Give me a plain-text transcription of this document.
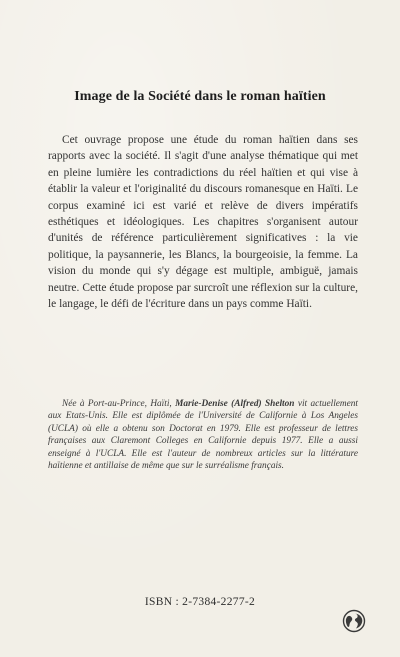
Image de la Société dans le roman haïtien

Cet ouvrage propose une étude du roman haïtien dans ses rapports avec la société. Il s'agit d'une analyse thématique qui met en pleine lumière les contradictions du réel haïtien et qui vise à établir la valeur et l'originalité du discours romanesque en Haïti. Le corpus examiné ici est varié et relève de divers impératifs esthétiques et idéologiques. Les chapitres s'organisent autour d'unités de référence particulièrement significatives : la vie politique, la paysannerie, les Blancs, la bourgeoisie, la femme. La vision du monde qui s'y dégage est multiple, ambiguë, jamais neutre. Cette étude propose par surcroît une réflexion sur la culture, le langage, le défi de l'écriture dans un pays comme Haïti.

Née à Port-au-Prince, Haïti, Marie-Denise (Alfred) Shelton vit actuellement aux Etats-Unis. Elle est diplômée de l'Université de Californie à Los Angeles (UCLA) où elle a obtenu son Doctorat en 1979. Elle est professeur de lettres françaises aux Claremont Colleges en Californie depuis 1977. Elle a aussi enseigné à l'UCLA. Elle est l'auteur de nombreux articles sur la littérature haïtienne et antillaise de même que sur le surréalisme français.

ISBN : 2-7384-2277-2
